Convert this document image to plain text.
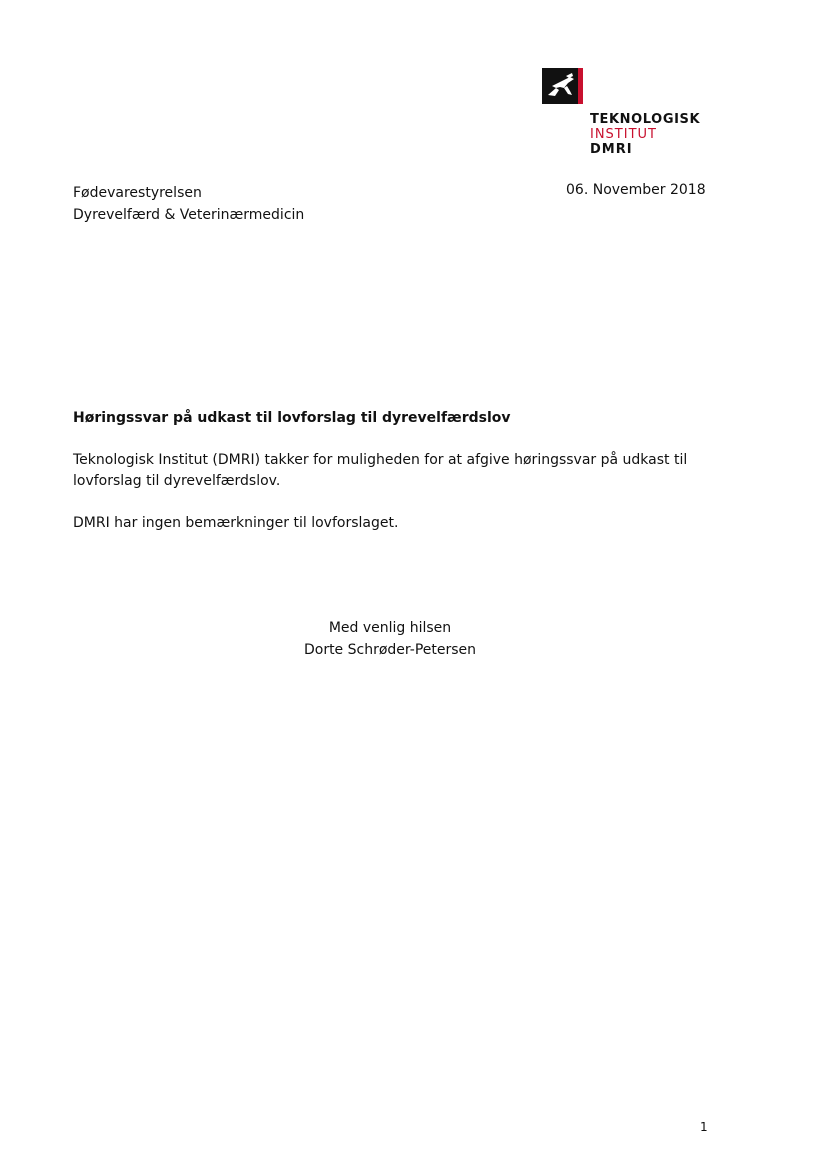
TEKNOLOGISK
INSTITUT
DMRI
Fødevarestyrelsen
Dyrevelfærd & Veterinærmedicin
06. November 2018
Høringssvar på udkast til lovforslag til dyrevelfærdslov
Teknologisk Institut (DMRI) takker for muligheden for at afgive høringssvar på udkast til
lovforslag til dyrevelfærdslov.
DMRI har ingen bemærkninger til lovforslaget.
Med venlig hilsen
Dorte Schrøder-Petersen
1
